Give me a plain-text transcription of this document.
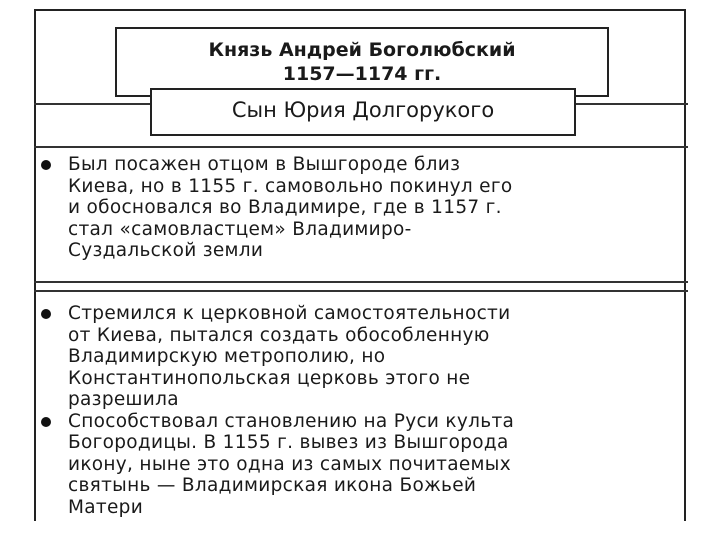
Князь Андрей Боголюбский
1157—1174 гг.
Сын Юрия Долгорукого
Был посажен отцом в Вышгороде близ
Киева, но в 1155 г. самовольно покинул его
и обосновался во Владимире, где в 1157 г.
стал «самовластцем» Владимиро-
Суздальской земли
Стремился к церковной самостоятельности
от Киева, пытался создать обособленную
Владимирскую метрополию, но
Константинопольская церковь этого не
разрешила
Способствовал становлению на Руси культа
Богородицы. В 1155 г. вывез из Вышгорода
икону, ныне это одна из самых почитаемых
святынь — Владимирская икона Божьей
Матери
